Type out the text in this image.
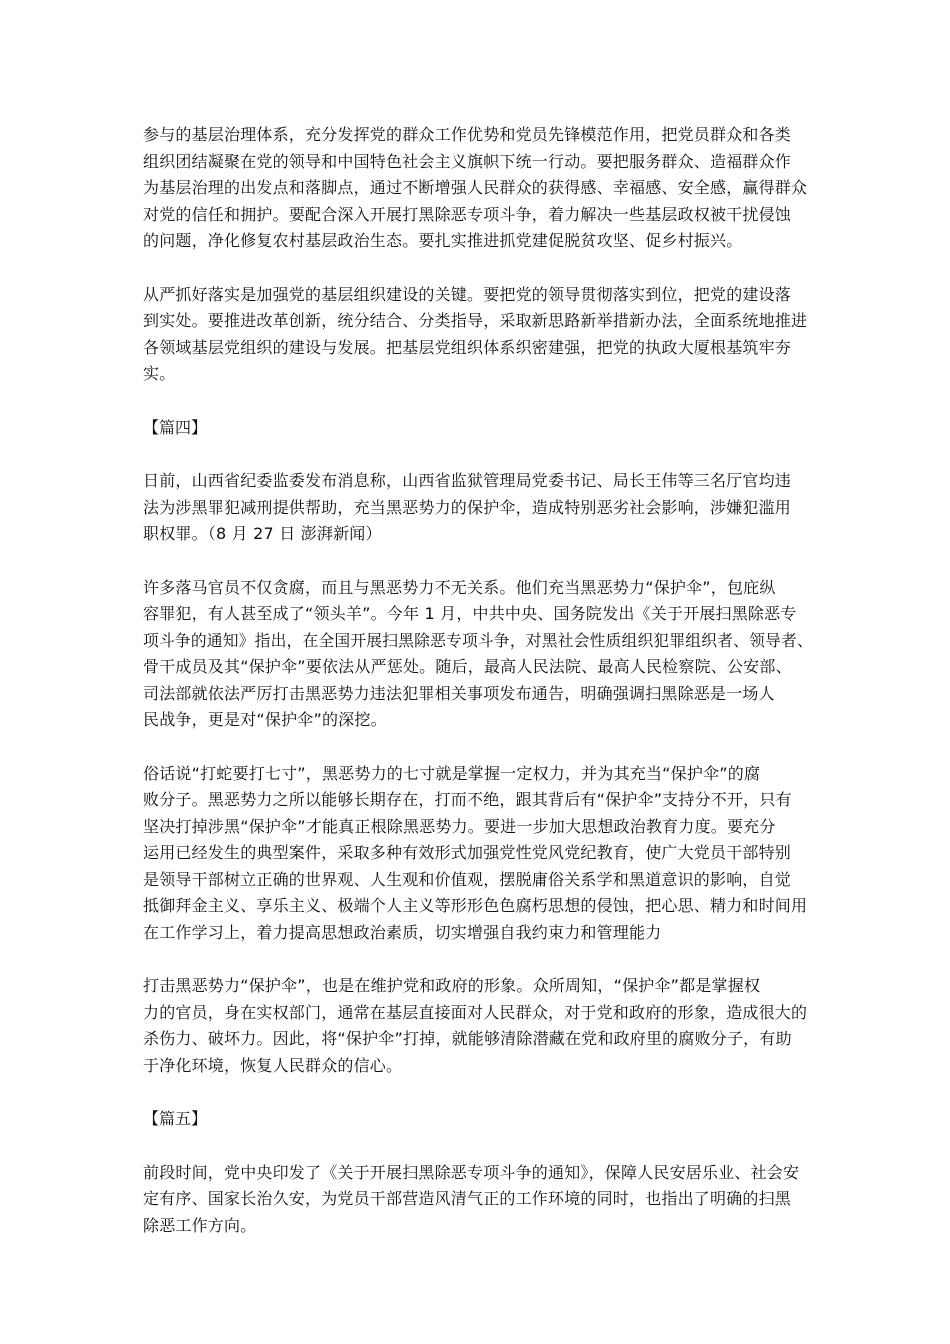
参与的基层治理体系，充分发挥党的群众工作优势和党员先锋模范作用，把党员群众和各类
组织团结凝聚在党的领导和中国特色社会主义旗帜下统一行动。要把服务群众、造福群众作
为基层治理的出发点和落脚点，通过不断增强人民群众的获得感、幸福感、安全感，赢得群众
对党的信任和拥护。要配合深入开展打黑除恶专项斗争，着力解决一些基层政权被干扰侵蚀
的问题，净化修复农村基层政治生态。要扎实推进抓党建促脱贫攻坚、促乡村振兴。
从严抓好落实是加强党的基层组织建设的关键。要把党的领导贯彻落实到位，把党的建设落
到实处。要推进改革创新，统分结合、分类指导，采取新思路新举措新办法，全面系统地推进
各领域基层党组织的建设与发展。把基层党组织体系织密建强，把党的执政大厦根基筑牢夯
实。
【篇四】
日前，山西省纪委监委发布消息称，山西省监狱管理局党委书记、局长王伟等三名厅官均违
法为涉黑罪犯减刑提供帮助，充当黑恶势力的保护伞，造成特别恶劣社会影响，涉嫌犯滥用
职权罪。（8 月 27 日 澎湃新闻）
许多落马官员不仅贪腐，而且与黑恶势力不无关系。他们充当黑恶势力“保护伞”，包庇纵
容罪犯，有人甚至成了“领头羊”。今年 1 月，中共中央、国务院发出《关于开展扫黑除恶专
项斗争的通知》指出，在全国开展扫黑除恶专项斗争，对黑社会性质组织犯罪组织者、领导者、
骨干成员及其“保护伞”要依法从严惩处。随后，最高人民法院、最高人民检察院、公安部、
司法部就依法严厉打击黑恶势力违法犯罪相关事项发布通告，明确强调扫黑除恶是一场人
民战争，更是对“保护伞”的深挖。
俗话说“打蛇要打七寸”，黑恶势力的七寸就是掌握一定权力，并为其充当“保护伞”的腐
败分子。黑恶势力之所以能够长期存在，打而不绝，跟其背后有“保护伞”支持分不开，只有
坚决打掉涉黑“保护伞”才能真正根除黑恶势力。要进一步加大思想政治教育力度。要充分
运用已经发生的典型案件，采取多种有效形式加强党性党风党纪教育，使广大党员干部特别
是领导干部树立正确的世界观、人生观和价值观，摆脱庸俗关系学和黑道意识的影响，自觉
抵御拜金主义、享乐主义、极端个人主义等形形色色腐朽思想的侵蚀，把心思、精力和时间用
在工作学习上，着力提高思想政治素质，切实增强自我约束力和管理能力
打击黑恶势力“保护伞”，也是在维护党和政府的形象。众所周知，“保护伞”都是掌握权
力的官员，身在实权部门，通常在基层直接面对人民群众，对于党和政府的形象，造成很大的
杀伤力、破坏力。因此，将“保护伞”打掉，就能够清除潜藏在党和政府里的腐败分子，有助
于净化环境，恢复人民群众的信心。
【篇五】
前段时间，党中央印发了《关于开展扫黑除恶专项斗争的通知》，保障人民安居乐业、社会安
定有序、国家长治久安，为党员干部营造风清气正的工作环境的同时，也指出了明确的扫黑
除恶工作方向。
